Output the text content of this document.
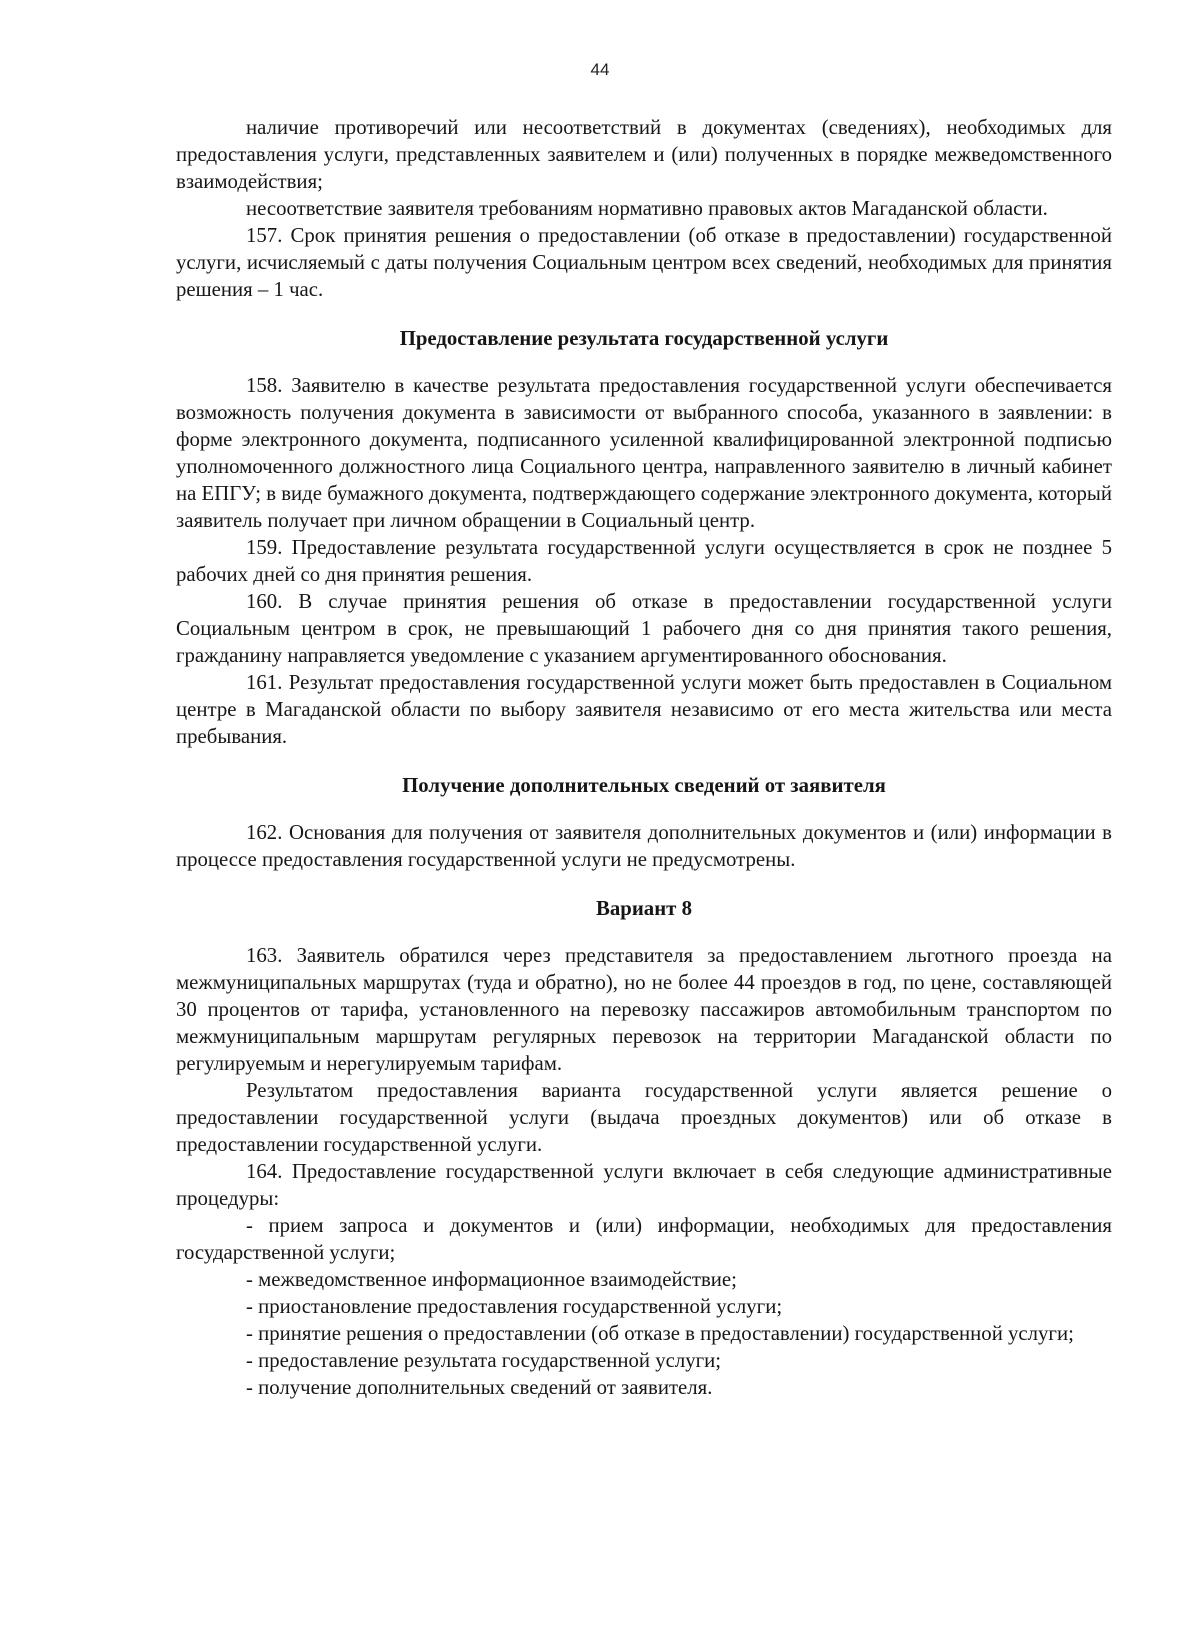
44

наличие противоречий или несоответствий в документах (сведениях), необходимых для предоставления услуги, представленных заявителем и (или) полученных в порядке межведомственного взаимодействия;

несоответствие заявителя требованиям нормативно правовых актов Магаданской области.

157. Срок принятия решения о предоставлении (об отказе в предоставлении) государственной услуги, исчисляемый с даты получения Социальным центром всех сведений, необходимых для принятия решения – 1 час.

Предоставление результата государственной услуги

158. Заявителю в качестве результата предоставления государственной услуги обеспечивается возможность получения документа в зависимости от выбранного способа, указанного в заявлении: в форме электронного документа, подписанного усиленной квалифицированной электронной подписью уполномоченного должностного лица Социального центра, направленного заявителю в личный кабинет на ЕПГУ; в виде бумажного документа, подтверждающего содержание электронного документа, который заявитель получает при личном обращении в Социальный центр.

159. Предоставление результата государственной услуги осуществляется в срок не позднее 5 рабочих дней со дня принятия решения.

160. В случае принятия решения об отказе в предоставлении государственной услуги Социальным центром в срок, не превышающий 1 рабочего дня со дня принятия такого решения, гражданину направляется уведомление с указанием аргументированного обоснования.

161. Результат предоставления государственной услуги может быть предоставлен в Социальном центре в Магаданской области по выбору заявителя независимо от его места жительства или места пребывания.

Получение дополнительных сведений от заявителя

162. Основания для получения от заявителя дополнительных документов и (или) информации в процессе предоставления государственной услуги не предусмотрены.

Вариант 8

163. Заявитель обратился через представителя за предоставлением льготного проезда на межмуниципальных маршрутах (туда и обратно), но не более 44 проездов в год, по цене, составляющей 30 процентов от тарифа, установленного на перевозку пассажиров автомобильным транспортом по межмуниципальным маршрутам регулярных перевозок на территории Магаданской области по регулируемым и нерегулируемым тарифам.

Результатом предоставления варианта государственной услуги является решение о предоставлении государственной услуги (выдача проездных документов) или об отказе в предоставлении государственной услуги.

164. Предоставление государственной услуги включает в себя следующие административные процедуры:

- прием запроса и документов и (или) информации, необходимых для предоставления государственной услуги;

- межведомственное информационное взаимодействие;

- приостановление предоставления государственной услуги;

- принятие решения о предоставлении (об отказе в предоставлении) государственной услуги;

- предоставление результата государственной услуги;

- получение дополнительных сведений от заявителя.
